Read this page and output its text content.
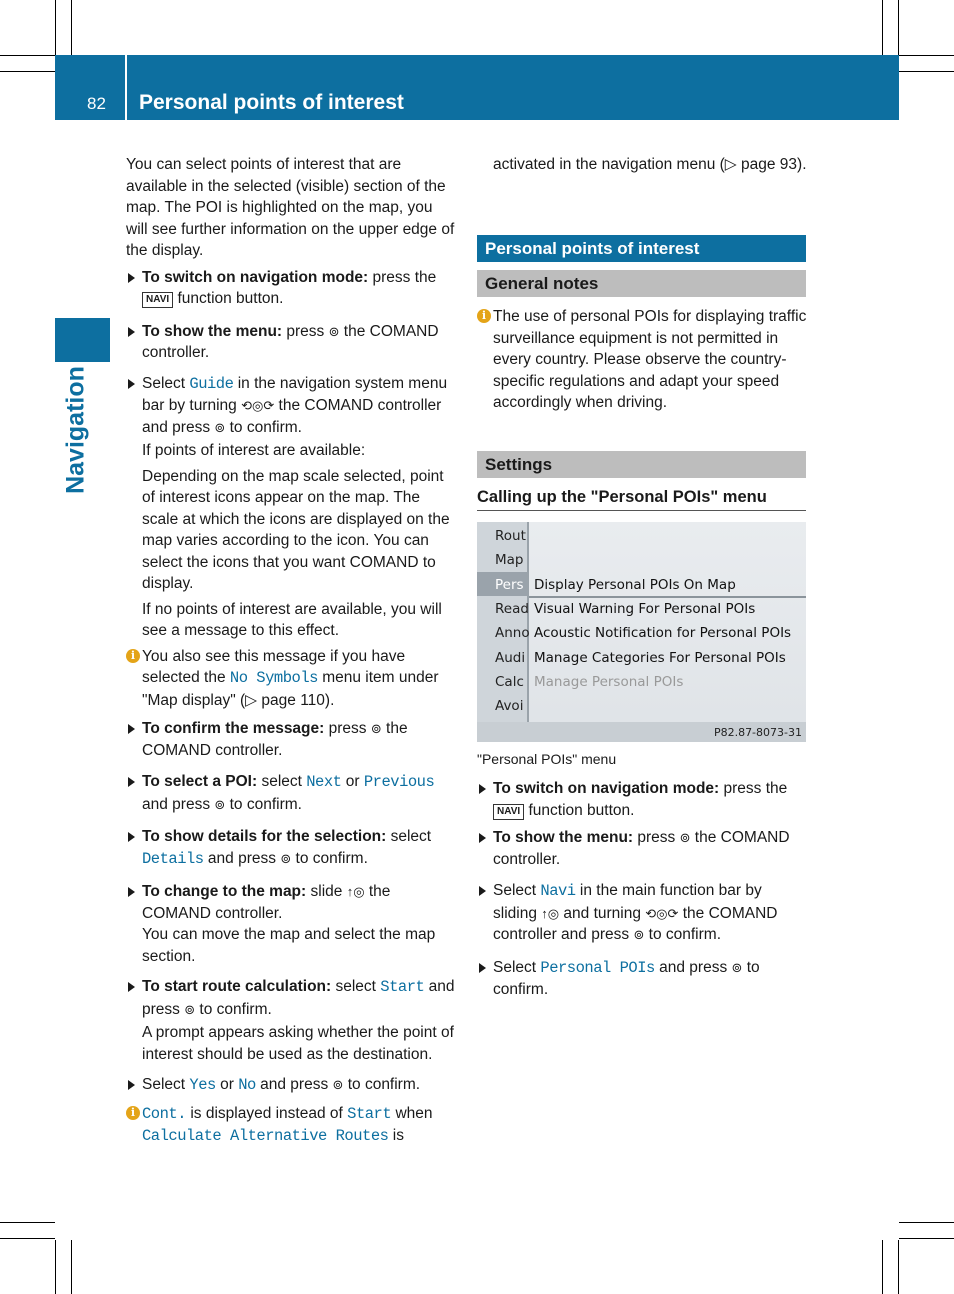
82 Personal points of interest
Navigation

You can select points of interest that are available in the selected (visible) section of the map. The POI is highlighted on the map, you will see further information on the upper edge of the display.

To switch on navigation mode: press the
NAVI function button.

To show the menu: press ⊚ the COMAND controller.

Select Guide in the navigation system menu bar by turning ⟲◎⟳ the COMAND controller and press ⊚ to confirm.

If points of interest are available:

Depending on the map scale selected, point of interest icons appear on the map. The scale at which the icons are displayed on the map varies according to the icon. You can select the icons that you want COMAND to display.

If no points of interest are available, you will see a message to this effect.

i You also see this message if you have selected the No Symbols menu item under "Map display" (▷ page 110).

To confirm the message: press ⊚ the COMAND controller.

To select a POI: select Next or Previous and press ⊚ to confirm.

To show details for the selection: select Details and press ⊚ to confirm.

To change to the map: slide ↑◎ the COMAND controller.

You can move the map and select the map section.

To start route calculation: select Start and press ⊚ to confirm.

A prompt appears asking whether the point of interest should be used as the destination.

Select Yes or No and press ⊚ to confirm.

i Cont. is displayed instead of Start when Calculate Alternative Routes is

activated in the navigation menu (▷ page 93).

Personal points of interest
General notes

i The use of personal POIs for displaying traffic surveillance equipment is not permitted in every country. Please observe the country-specific regulations and adapt your speed accordingly when driving.

Settings
Calling up the "Personal POIs" menu
Rout
Map
Pers
Read
Anno
Audi
Calc
Avoi
Display Personal POIs On Map
Visual Warning For Personal POIs
Acoustic Notification for Personal POIs
Manage Categories For Personal POIs
Manage Personal POIs
P82.87-8073-31
"Personal POIs" menu

To switch on navigation mode: press the
NAVI function button.

To show the menu: press ⊚ the COMAND controller.

Select Navi in the main function bar by sliding ↑◎ and turning ⟲◎⟳ the COMAND controller and press ⊚ to confirm.

Select Personal POIs and press ⊚ to confirm.
